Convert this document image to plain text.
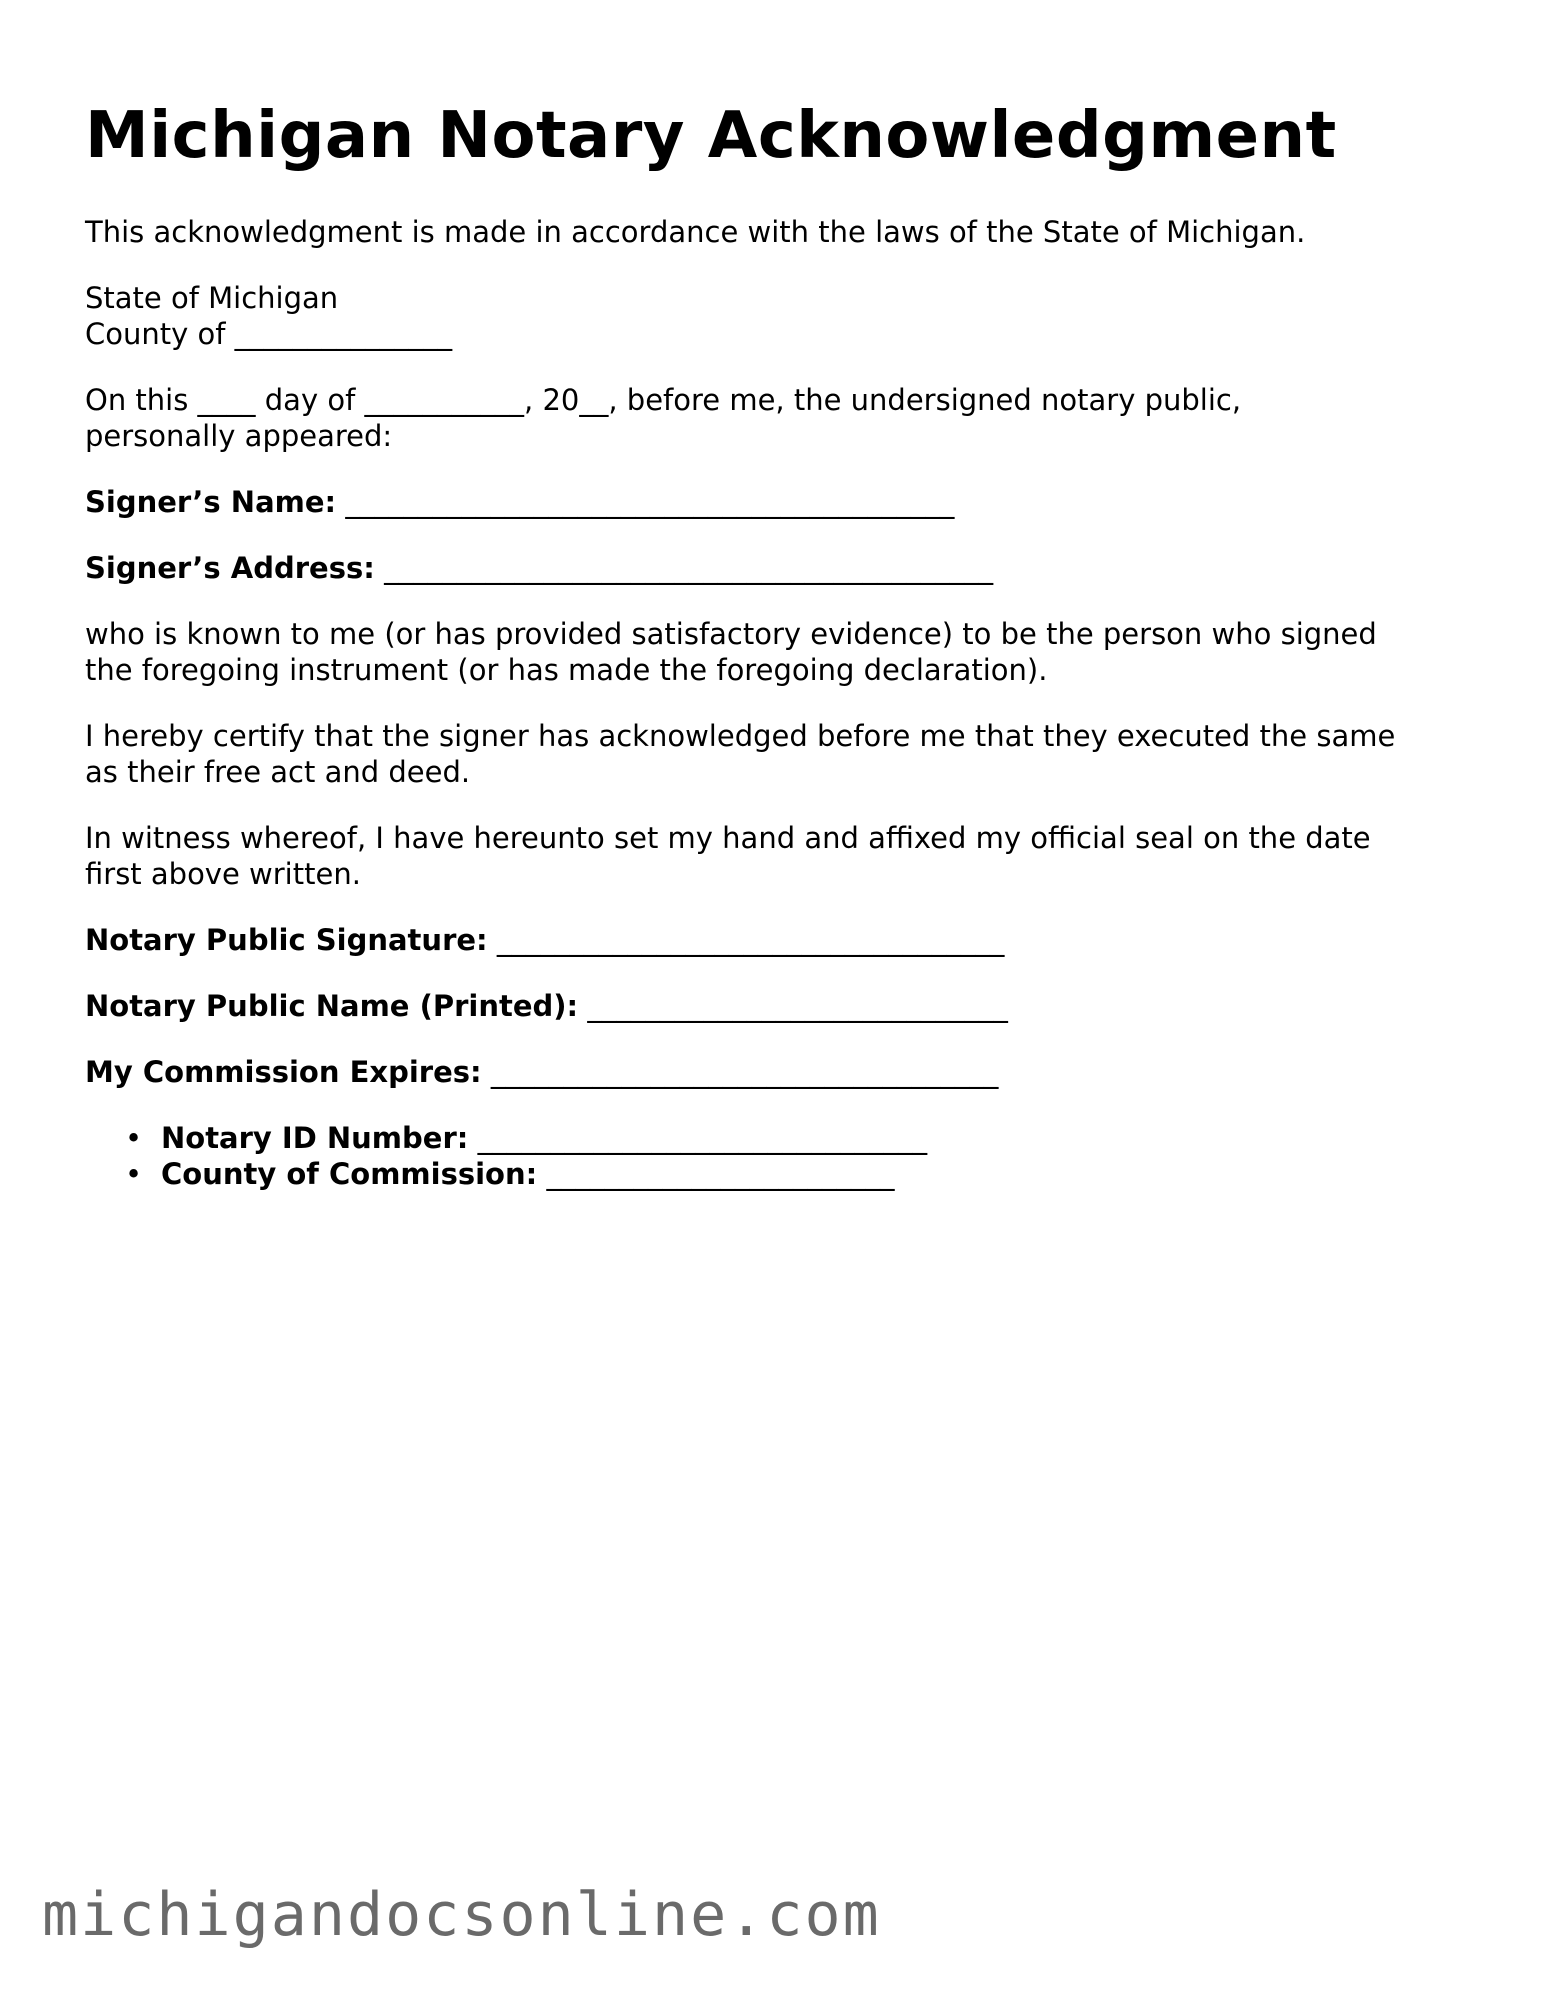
Michigan Notary Acknowledgment

This acknowledgment is made in accordance with the laws of the State of Michigan.

State of Michigan
County of _______________

On this ____ day of ___________, 20__, before me, the undersigned notary public,
personally appeared:

Signer’s Name: __________________________________________
Signer’s Address: __________________________________________

who is known to me (or has provided satisfactory evidence) to be the person who signed
the foregoing instrument (or has made the foregoing declaration).

I hereby certify that the signer has acknowledged before me that they executed the same
as their free act and deed.

In witness whereof, I have hereunto set my hand and affixed my official seal on the date
first above written.

Notary Public Signature: ___________________________________
Notary Public Name (Printed): _____________________________
My Commission Expires: ___________________________________
• Notary ID Number: _______________________________
• County of Commission: ________________________
michigandocsonline.com
